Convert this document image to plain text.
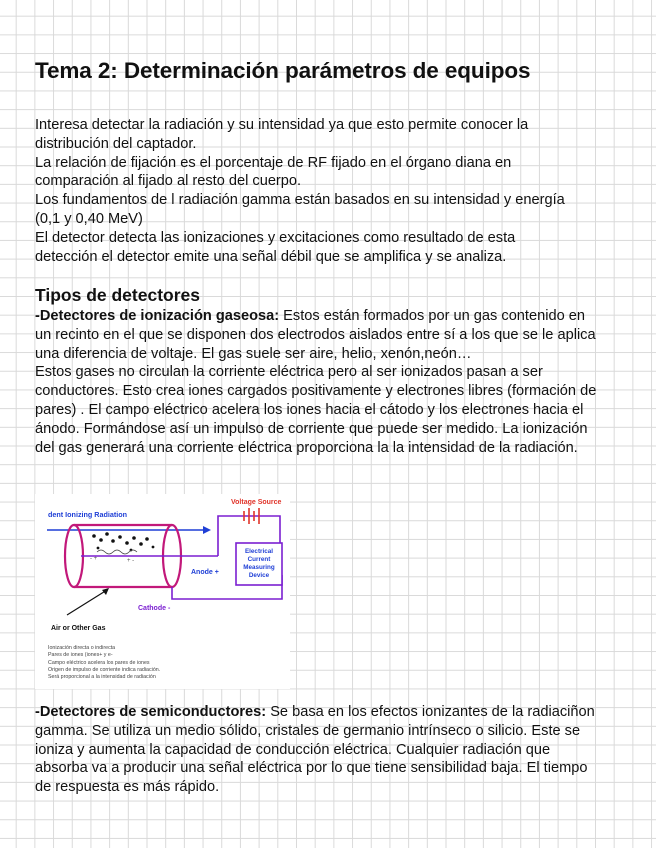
Tema 2: Determinación parámetros de equipos

Interesa detectar la radiación y su intensidad ya que esto permite conocer la distribución del captador.

La relación de fijación es el porcentaje de RF fijado en el órgano diana en comparación al fijado al resto del cuerpo.

Los fundamentos de l radiación gamma están basados en su intensidad y energía (0,1 y 0,40 MeV)

El detector detecta las ionizaciones y excitaciones como resultado de esta detección el detector emite una señal débil que se amplifica y se analiza.

Tipos de detectores

-Detectores de ionización gaseosa: Estos están formados por un gas contenido en un recinto en el que se disponen dos electrodos aislados entre sí a los que se le aplica una diferencia de voltaje. El gas suele ser aire, helio, xenón,neón…

Estos gases no circulan la corriente eléctrica pero al ser ionizados pasan a ser conductores. Esto crea iones cargados positivamente y electrones libres (formación de pares) . El campo eléctrico acelera los iones hacia el cátodo y los electrones hacia el ánodo. Formándose así un impulso de corriente que puede ser medido. La ionización del gas generará una corriente eléctrica proporciona la la intensidad de la radiación.

dent Ionizing Radiation
- +	+ -
Voltage Source
Electrical
Current
Measuring
Device
Anode +
Cathode -
Air or Other Gas
Ionización directa o indirecta
Pares de iones (iones+ y e-
Campo eléctrico acelera los pares de iones
Origen de impulso de corriente indica radiación.
Será proporcional a la intensidad de radiación

-Detectores de semiconductores: Se basa en los efectos ionizantes de la radiaciñon gamma. Se utiliza un medio sólido, cristales de germanio intrínseco o silicio. Este se ioniza y aumenta la capacidad de conducción eléctrica. Cualquier radiación que absorba va a producir una señal eléctrica por lo que tiene sensibilidad baja. El tiempo de respuesta es más rápido.
